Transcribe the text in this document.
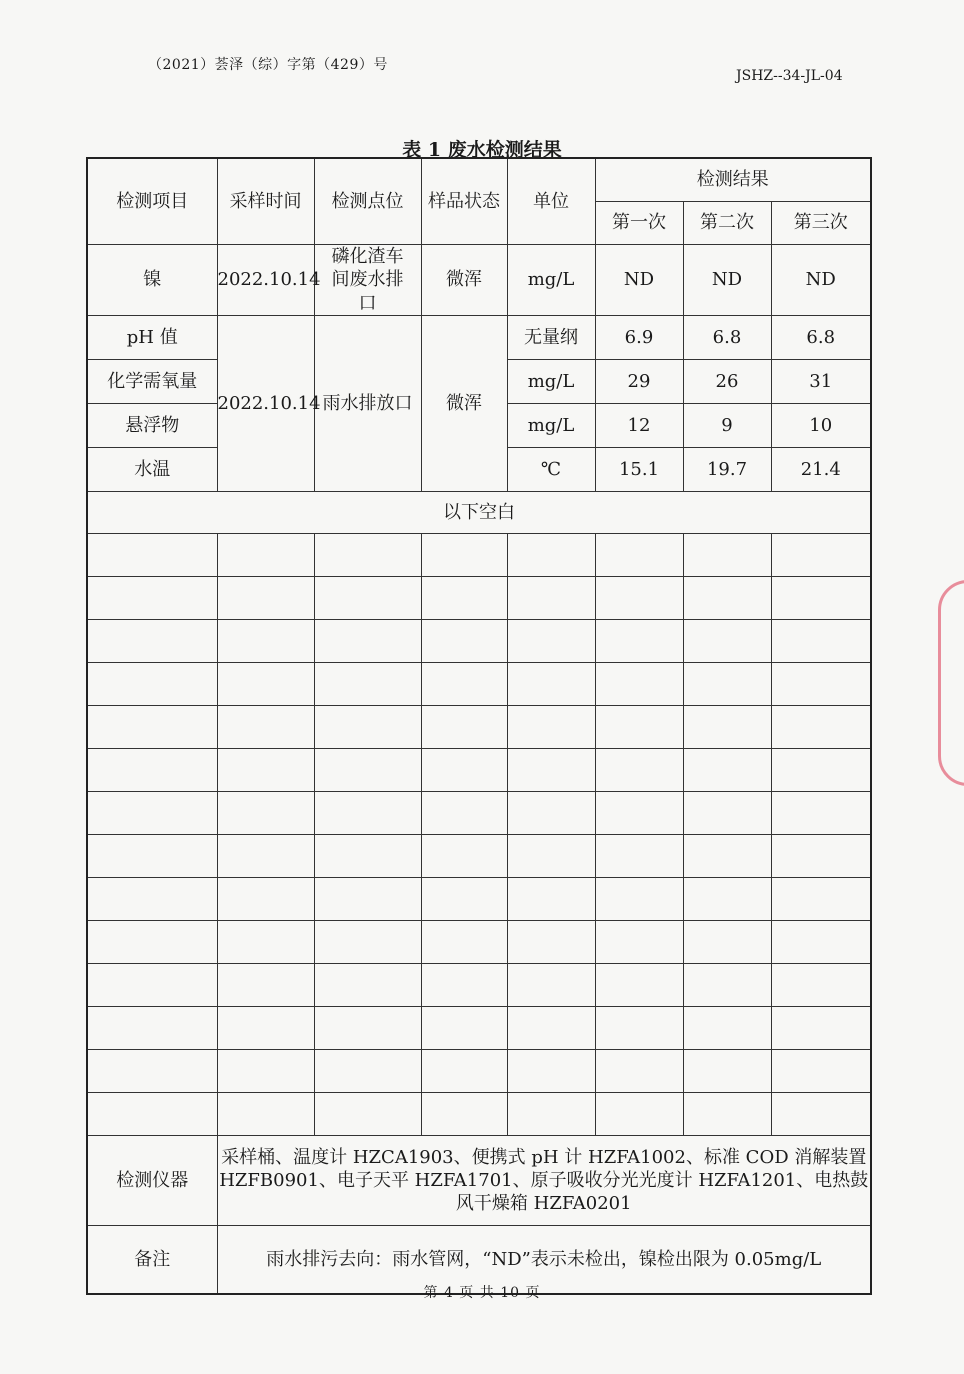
（2021）荟泽（综）字第（429）号
JSHZ--34-JL-04
表 1 废水检测结果
检测项目	采样时间	检测点位	样品状态	单位	检测结果		
					第一次	第二次	第三次
镍	2022.10.14	磷化渣车间废水排口	微浑	mg/L	ND	ND	ND
pH 值	2022.10.14	雨水排放口	微浑	无量纲	6.9	6.8	6.8
化学需氧量				mg/L	29	26	31
悬浮物				mg/L	12	9	10
水温				℃	15.1	19.7	21.4
以下空白							

检测仪器	采样桶、温度计 HZCA1903、便携式 pH 计 HZFA1002、标准 COD 消解装置 HZFB0901、电子天平 HZFA1701、原子吸收分光光度计 HZFA1201、电热鼓风干燥箱 HZFA0201						
备注	雨水排污去向：雨水管网，“ND”表示未检出，镍检出限为 0.05mg/L						
第 4 页 共 10 页
